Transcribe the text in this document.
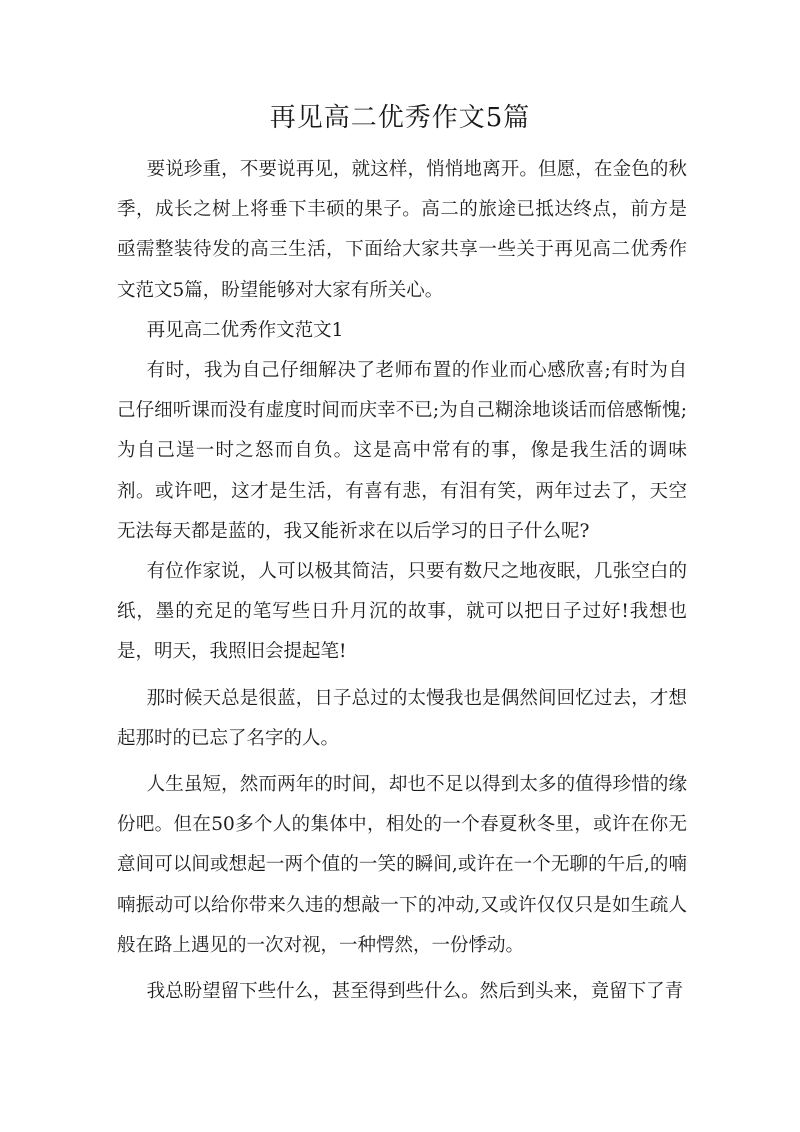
再见高二优秀作文5篇

要说珍重，不要说再见，就这样，悄悄地离开。但愿，在金色的秋季，成长之树上将垂下丰硕的果子。高二的旅途已抵达终点，前方是亟需整装待发的高三生活，下面给大家共享一些关于再见高二优秀作文范文5篇，盼望能够对大家有所关心。

再见高二优秀作文范文1

有时，我为自己仔细解决了老师布置的作业而心感欣喜;有时为自己仔细听课而没有虚度时间而庆幸不已;为自己糊涂地谈话而倍感惭愧;为自己逞一时之怒而自负。这是高中常有的事，像是我生活的调味剂。或许吧，这才是生活，有喜有悲，有泪有笑，两年过去了，天空无法每天都是蓝的，我又能祈求在以后学习的日子什么呢?

有位作家说，人可以极其简洁，只要有数尺之地夜眠，几张空白的纸，墨的充足的笔写些日升月沉的故事，就可以把日子过好!我想也是，明天，我照旧会提起笔!

那时候天总是很蓝，日子总过的太慢我也是偶然间回忆过去，才想起那时的已忘了名字的人。

人生虽短，然而两年的时间，却也不足以得到太多的值得珍惜的缘份吧。但在50多个人的集体中，相处的一个春夏秋冬里，或许在你无意间可以间或想起一两个值的一笑的瞬间,或许在一个无聊的午后,的喃喃振动可以给你带来久违的想敲一下的冲动,又或许仅仅只是如生疏人般在路上遇见的一次对视，一种愕然，一份悸动。

我总盼望留下些什么，甚至得到些什么。然后到头来，竟留下了青
